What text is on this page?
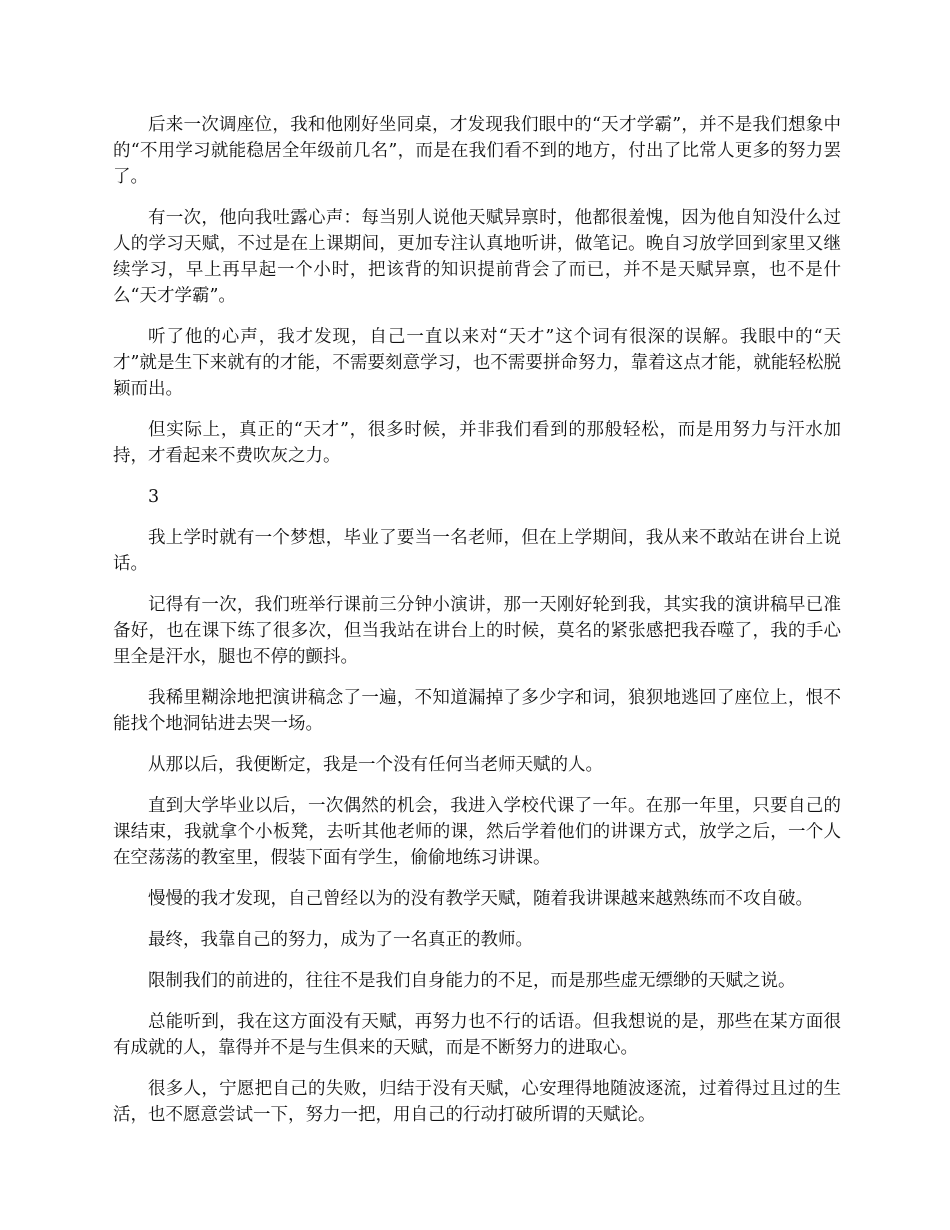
后来一次调座位，我和他刚好坐同桌，才发现我们眼中的“天才学霸”，并不是我们想象中的“不用学习就能稳居全年级前几名”，而是在我们看不到的地方，付出了比常人更多的努力罢了。

有一次，他向我吐露心声：每当别人说他天赋异禀时，他都很羞愧，因为他自知没什么过人的学习天赋，不过是在上课期间，更加专注认真地听讲，做笔记。晚自习放学回到家里又继续学习，早上再早起一个小时，把该背的知识提前背会了而已，并不是天赋异禀，也不是什么“天才学霸”。

听了他的心声，我才发现，自己一直以来对“天才”这个词有很深的误解。我眼中的“天才”就是生下来就有的才能，不需要刻意学习，也不需要拼命努力，靠着这点才能，就能轻松脱颖而出。

但实际上，真正的“天才”，很多时候，并非我们看到的那般轻松，而是用努力与汗水加持，才看起来不费吹灰之力。

3

我上学时就有一个梦想，毕业了要当一名老师，但在上学期间，我从来不敢站在讲台上说话。

记得有一次，我们班举行课前三分钟小演讲，那一天刚好轮到我，其实我的演讲稿早已准备好，也在课下练了很多次，但当我站在讲台上的时候，莫名的紧张感把我吞噬了，我的手心里全是汗水，腿也不停的颤抖。

我稀里糊涂地把演讲稿念了一遍，不知道漏掉了多少字和词，狼狈地逃回了座位上，恨不能找个地洞钻进去哭一场。

从那以后，我便断定，我是一个没有任何当老师天赋的人。

直到大学毕业以后，一次偶然的机会，我进入学校代课了一年。在那一年里，只要自己的课结束，我就拿个小板凳，去听其他老师的课，然后学着他们的讲课方式，放学之后，一个人在空荡荡的教室里，假装下面有学生，偷偷地练习讲课。

慢慢的我才发现，自己曾经以为的没有教学天赋，随着我讲课越来越熟练而不攻自破。

最终，我靠自己的努力，成为了一名真正的教师。

限制我们的前进的，往往不是我们自身能力的不足，而是那些虚无缥缈的天赋之说。

总能听到，我在这方面没有天赋，再努力也不行的话语。但我想说的是，那些在某方面很有成就的人，靠得并不是与生俱来的天赋，而是不断努力的进取心。

很多人，宁愿把自己的失败，归结于没有天赋，心安理得地随波逐流，过着得过且过的生活，也不愿意尝试一下，努力一把，用自己的行动打破所谓的天赋论。
